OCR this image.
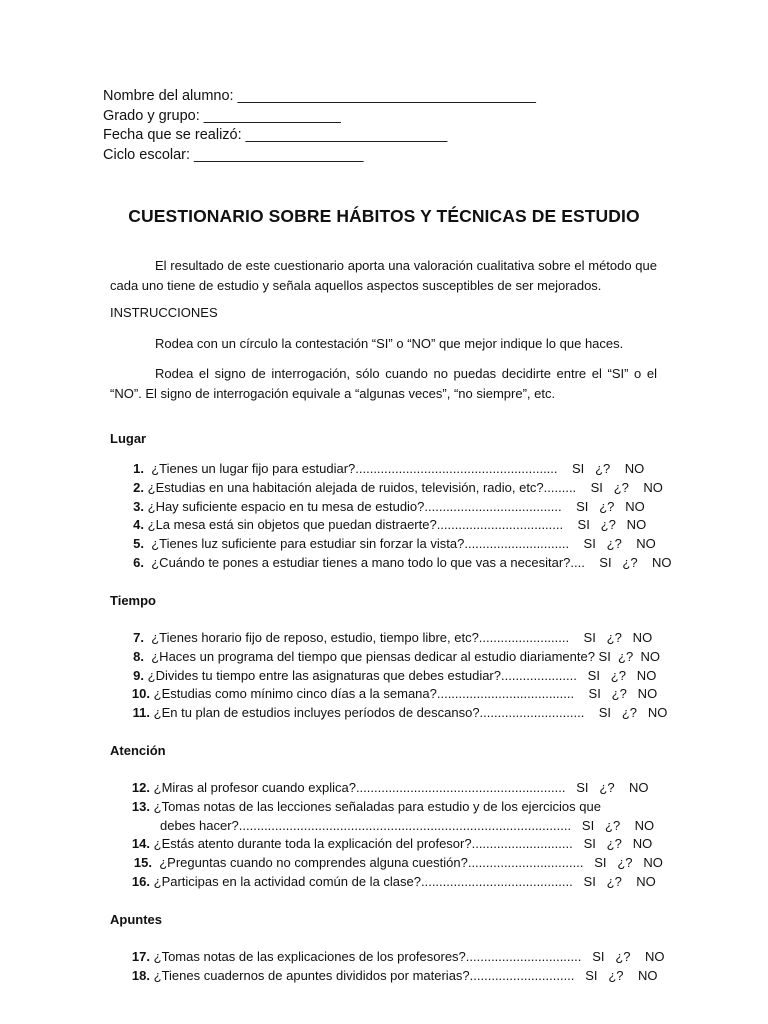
Nombre del alumno: _____________________________________
Grado y grupo: _________________
Fecha que se realizó: _________________________
Ciclo escolar: _____________________
CUESTIONARIO SOBRE HÁBITOS Y TÉCNICAS DE ESTUDIO
El resultado de este cuestionario aporta una valoración cualitativa sobre el método que cada uno tiene de estudio y señala aquellos aspectos susceptibles de ser mejorados.
INSTRUCCIONES
Rodea con un círculo la contestación “SI” o “NO” que mejor indique lo que haces.
Rodea el signo de interrogación, sólo cuando no puedas decidirte entre el “SI” o el “NO”. El signo de interrogación equivale a “algunas veces”, “no siempre”, etc.
Lugar
1. ¿Tienes un lugar fijo para estudiar?........................................................    SI   ¿?    NO
2. ¿Estudias en una habitación alejada de ruidos, televisión, radio, etc?.........    SI   ¿?    NO
3. ¿Hay suficiente espacio en tu mesa de estudio?......................................    SI   ¿?   NO
4. ¿La mesa está sin objetos que puedan distraerte?...................................    SI   ¿?   NO
5. ¿Tienes luz suficiente para estudiar sin forzar la vista?.............................    SI   ¿?    NO
6. ¿Cuándo te pones a estudiar tienes a mano todo lo que vas a necesitar?....    SI   ¿?    NO
Tiempo
7. ¿Tienes horario fijo de reposo, estudio, tiempo libre, etc?.........................    SI   ¿?   NO
8. ¿Haces un programa del tiempo que piensas dedicar al estudio diariamente? SI  ¿?  NO
9. ¿Divides tu tiempo entre las asignaturas que debes estudiar?.....................   SI   ¿?   NO
10. ¿Estudias como mínimo cinco días a la semana?......................................    SI   ¿?   NO
11. ¿En tu plan de estudios incluyes períodos de descanso?.............................    SI   ¿?   NO
Atención
12. ¿Miras al profesor cuando explica?..........................................................   SI   ¿?    NO
13. ¿Tomas notas de las lecciones señaladas para estudio y de los ejercicios que
debes hacer?............................................................................................   SI   ¿?    NO
14. ¿Estás atento durante toda la explicación del profesor?............................   SI   ¿?   NO
15. ¿Preguntas cuando no comprendes alguna cuestión?................................   SI   ¿?   NO
16. ¿Participas en la actividad común de la clase?..........................................   SI   ¿?    NO
Apuntes
17. ¿Tomas notas de las explicaciones de los profesores?................................   SI   ¿?    NO
18. ¿Tienes cuadernos de apuntes divididos por materias?.............................   SI   ¿?    NO
